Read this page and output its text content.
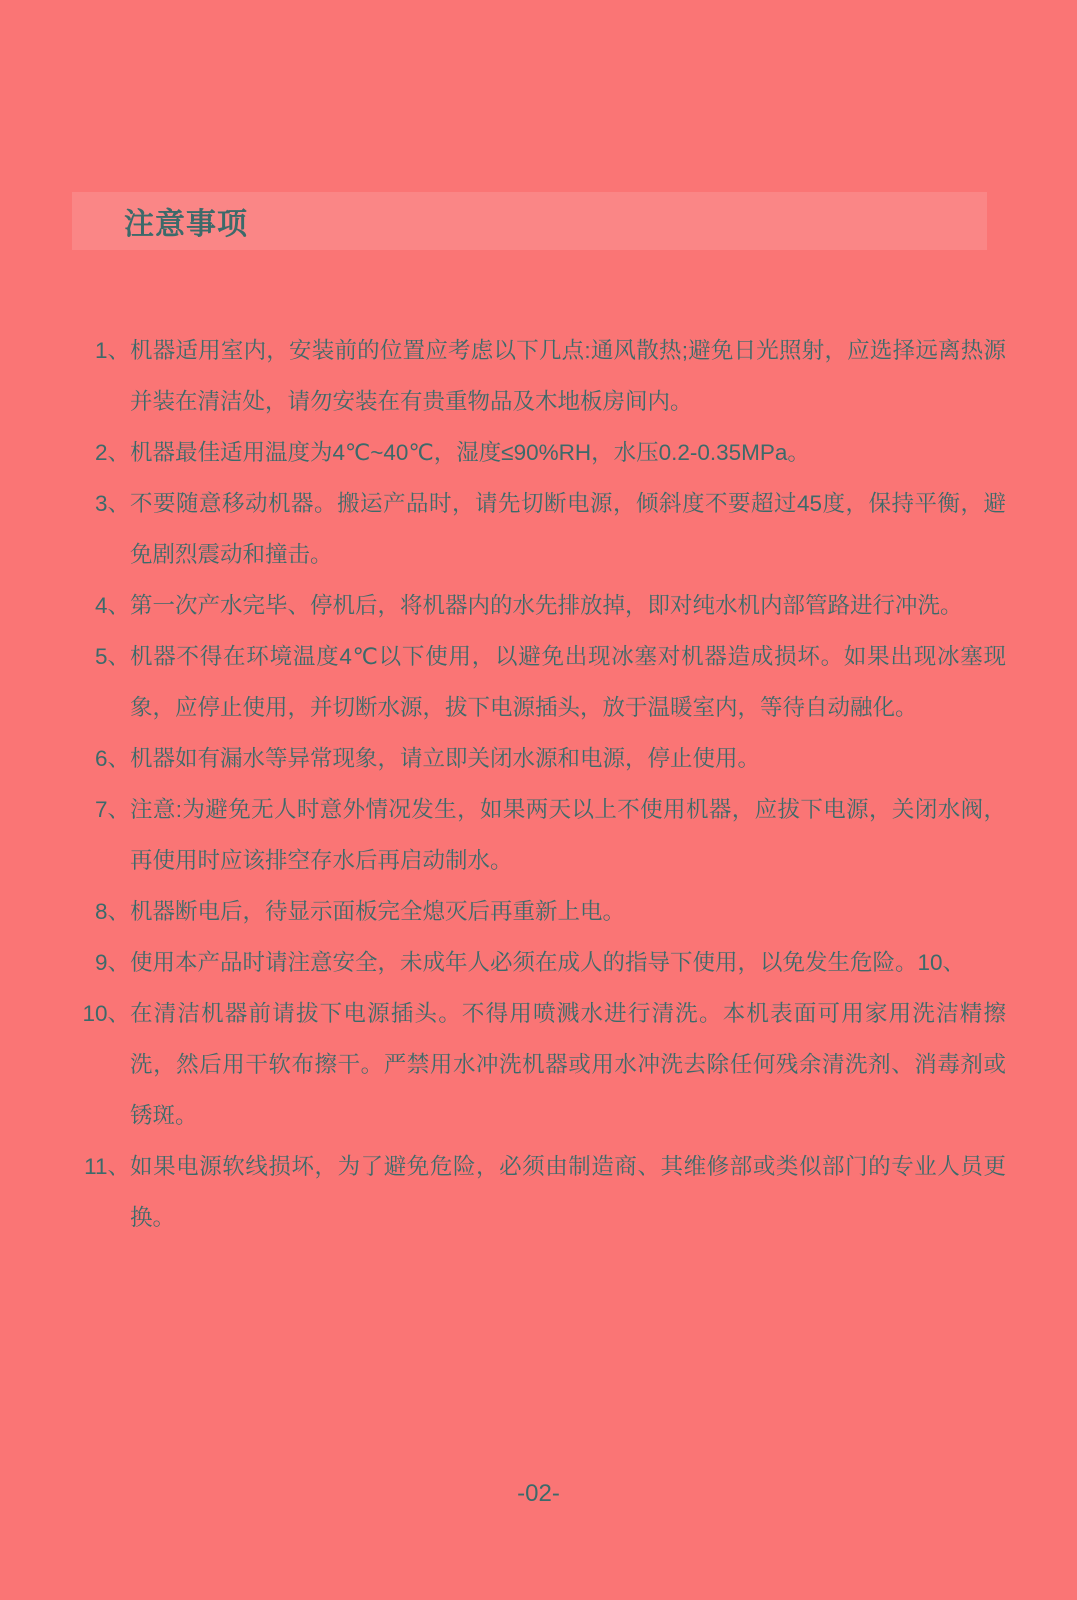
注意事项
1、 机器适用室内，安装前的位置应考虑以下几点:通风散热;避免日光照射，应选择远离热源并装在清洁处，请勿安装在有贵重物品及木地板房间内。
2、 机器最佳适用温度为4℃~40℃，湿度≤90%RH，水压0.2-0.35MPa。
3、 不要随意移动机器。搬运产品时，请先切断电源，倾斜度不要超过45度，保持平衡，避免剧烈震动和撞击。
4、 第一次产水完毕、停机后，将机器内的水先排放掉，即对纯水机内部管路进行冲洗。
5、 机器不得在环境温度4℃以下使用，以避免出现冰塞对机器造成损坏。如果出现冰塞现象，应停止使用，并切断水源，拔下电源插头，放于温暖室内，等待自动融化。
6、 机器如有漏水等异常现象，请立即关闭水源和电源，停止使用。
7、 注意:为避免无人时意外情况发生，如果两天以上不使用机器，应拔下电源，关闭水阀，再使用时应该排空存水后再启动制水。
8、 机器断电后，待显示面板完全熄灭后再重新上电。
9、 使用本产品时请注意安全，未成年人必须在成人的指导下使用，以免发生危险。10、
10、 在清洁机器前请拔下电源插头。不得用喷溅水进行清洗。本机表面可用家用洗洁精擦洗，然后用干软布擦干。严禁用水冲洗机器或用水冲洗去除任何残余清洗剂、消毒剂或锈斑。
11、 如果电源软线损坏，为了避免危险，必须由制造商、其维修部或类似部门的专业人员更换。
-02-
